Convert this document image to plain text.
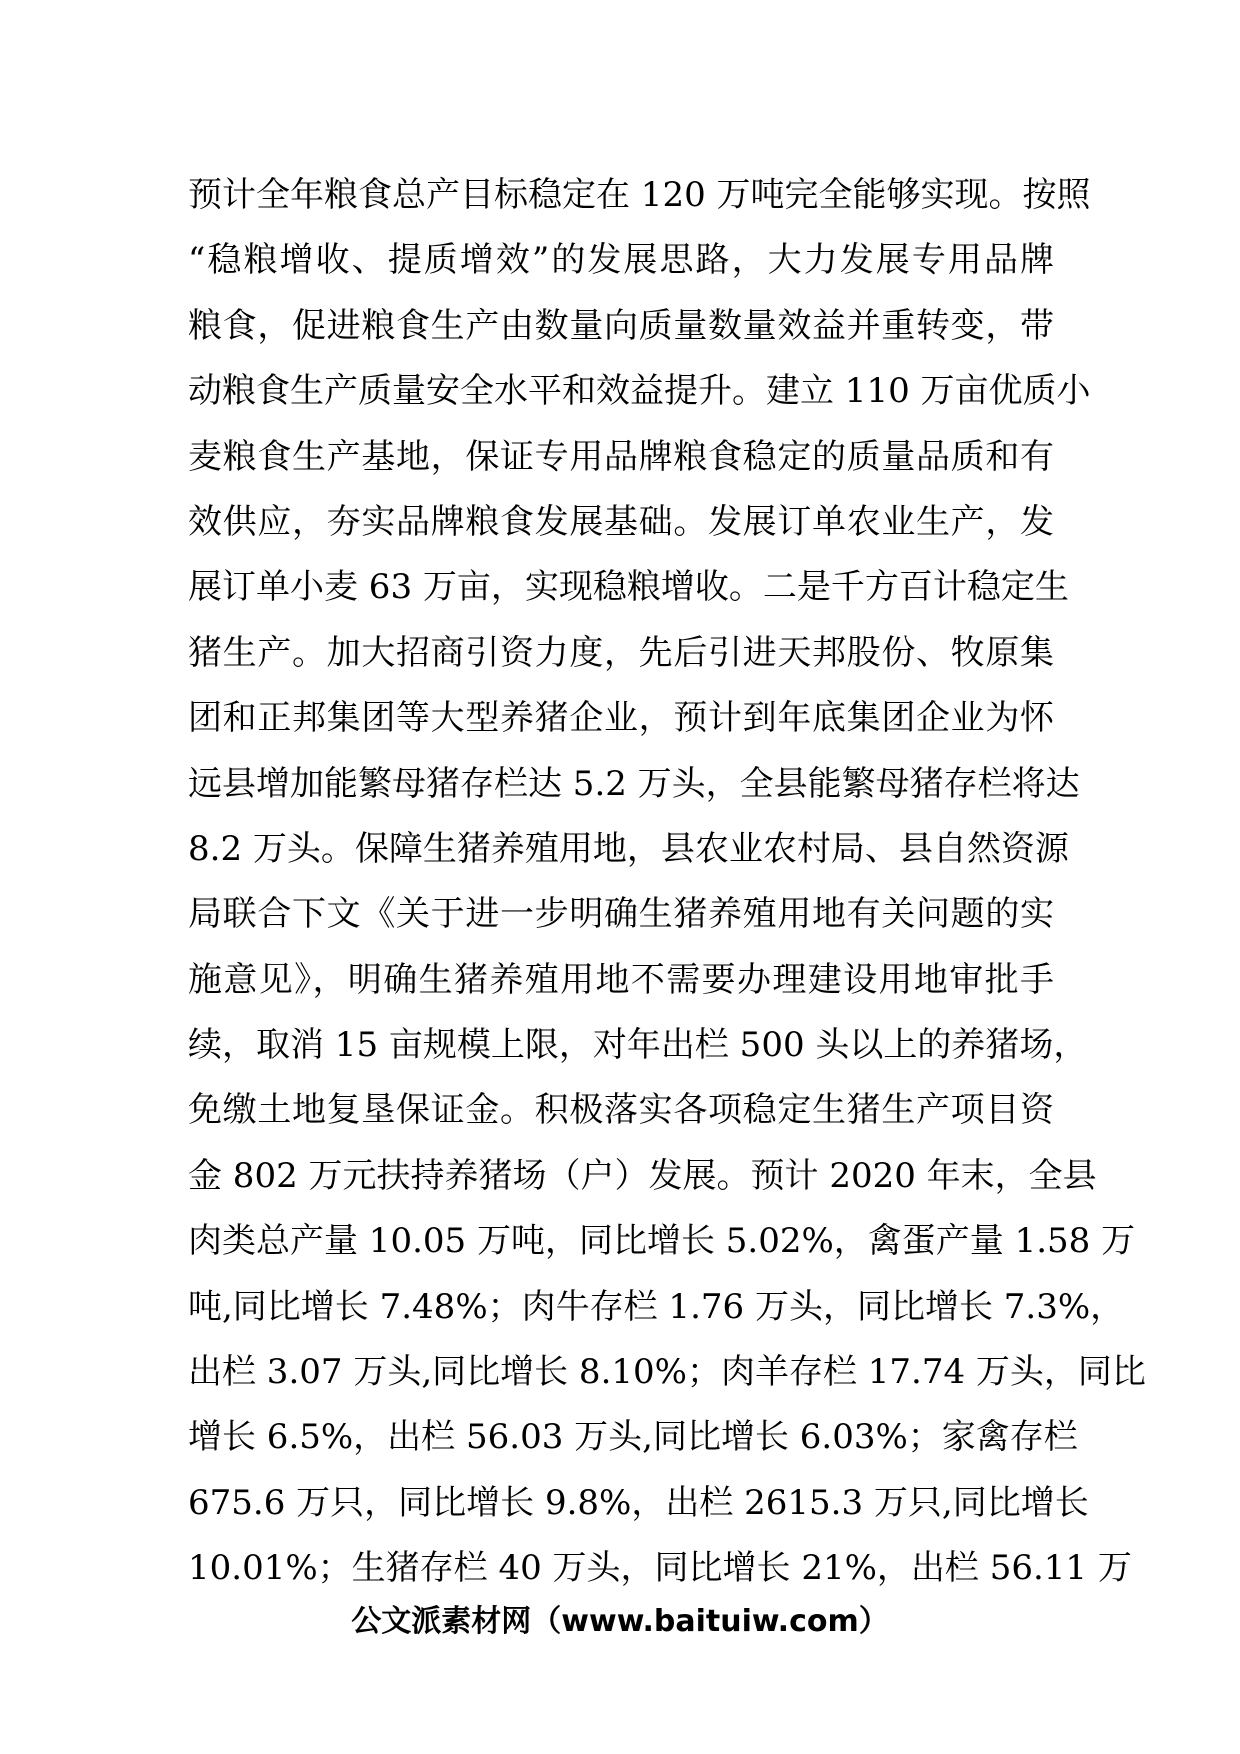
预计全年粮食总产目标稳定在 120 万吨完全能够实现。按照
“稳粮增收、提质增效”的发展思路，大力发展专用品牌
粮食，促进粮食生产由数量向质量数量效益并重转变，带
动粮食生产质量安全水平和效益提升。建立 110 万亩优质小
麦粮食生产基地，保证专用品牌粮食稳定的质量品质和有
效供应，夯实品牌粮食发展基础。发展订单农业生产，发
展订单小麦 63 万亩，实现稳粮增收。二是千方百计稳定生
猪生产。加大招商引资力度，先后引进天邦股份、牧原集
团和正邦集团等大型养猪企业，预计到年底集团企业为怀
远县增加能繁母猪存栏达 5.2 万头，全县能繁母猪存栏将达
8.2 万头。保障生猪养殖用地，县农业农村局、县自然资源
局联合下文《关于进一步明确生猪养殖用地有关问题的实
施意见》，明确生猪养殖用地不需要办理建设用地审批手
续，取消 15 亩规模上限，对年出栏 500 头以上的养猪场，
免缴土地复垦保证金。积极落实各项稳定生猪生产项目资
金 802 万元扶持养猪场（户）发展。预计 2020 年末，全县
肉类总产量 10.05 万吨，同比增长 5.02%，禽蛋产量 1.58 万
吨,同比增长 7.48%；肉牛存栏 1.76 万头，同比增长 7.3%，
出栏 3.07 万头,同比增长 8.10%；肉羊存栏 17.74 万头，同比
增长 6.5%，出栏 56.03 万头,同比增长 6.03%；家禽存栏
675.6 万只，同比增长 9.8%，出栏 2615.3 万只,同比增长
10.01%；生猪存栏 40 万头，同比增长 21%，出栏 56.11 万
公文派素材网（www.baituiw.com）
